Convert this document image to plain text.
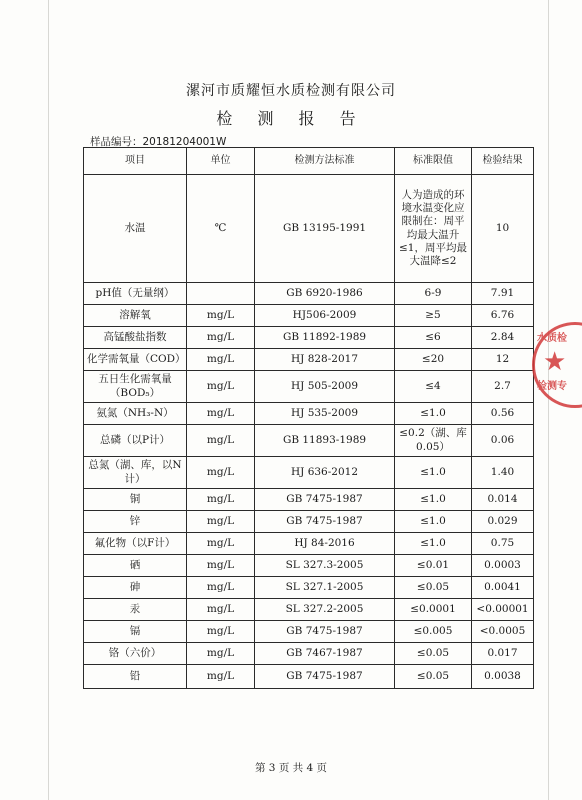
漯河市质耀恒水质检测有限公司
检 测 报 告
样品编号：20181204001W
项目	单位	检测方法标准	标准限值	检验结果
水温	℃	GB 13195-1991	人为造成的环境水温变化应限制在：周平均最大温升≤1，周平均最大温降≤2	10
pH值（无量纲）		GB 6920-1986	6-9	7.91
溶解氧	mg/L	HJ506-2009	≥5	6.76
高锰酸盐指数	mg/L	GB 11892-1989	≤6	2.84
化学需氧量（COD）	mg/L	HJ 828-2017	≤20	12
五日生化需氧量（BOD₅）	mg/L	HJ 505-2009	≤4	2.7
氨氮（NH₃-N）	mg/L	HJ 535-2009	≤1.0	0.56
总磷（以P计）	mg/L	GB 11893-1989	≤0.2（湖、库0.05）	0.06
总氮（湖、库，以N计）	mg/L	HJ 636-2012	≤1.0	1.40
铜	mg/L	GB 7475-1987	≤1.0	0.014
锌	mg/L	GB 7475-1987	≤1.0	0.029
氟化物（以F计）	mg/L	HJ 84-2016	≤1.0	0.75
硒	mg/L	SL 327.3-2005	≤0.01	0.0003
砷	mg/L	SL 327.1-2005	≤0.05	0.0041
汞	mg/L	SL 327.2-2005	≤0.0001	<0.00001
镉	mg/L	GB 7475-1987	≤0.005	<0.0005
铬（六价）	mg/L	GB 7467-1987	≤0.05	0.017
铅	mg/L	GB 7475-1987	≤0.05	0.0038
水质检
★
检测专
第 3 页 共 4 页
